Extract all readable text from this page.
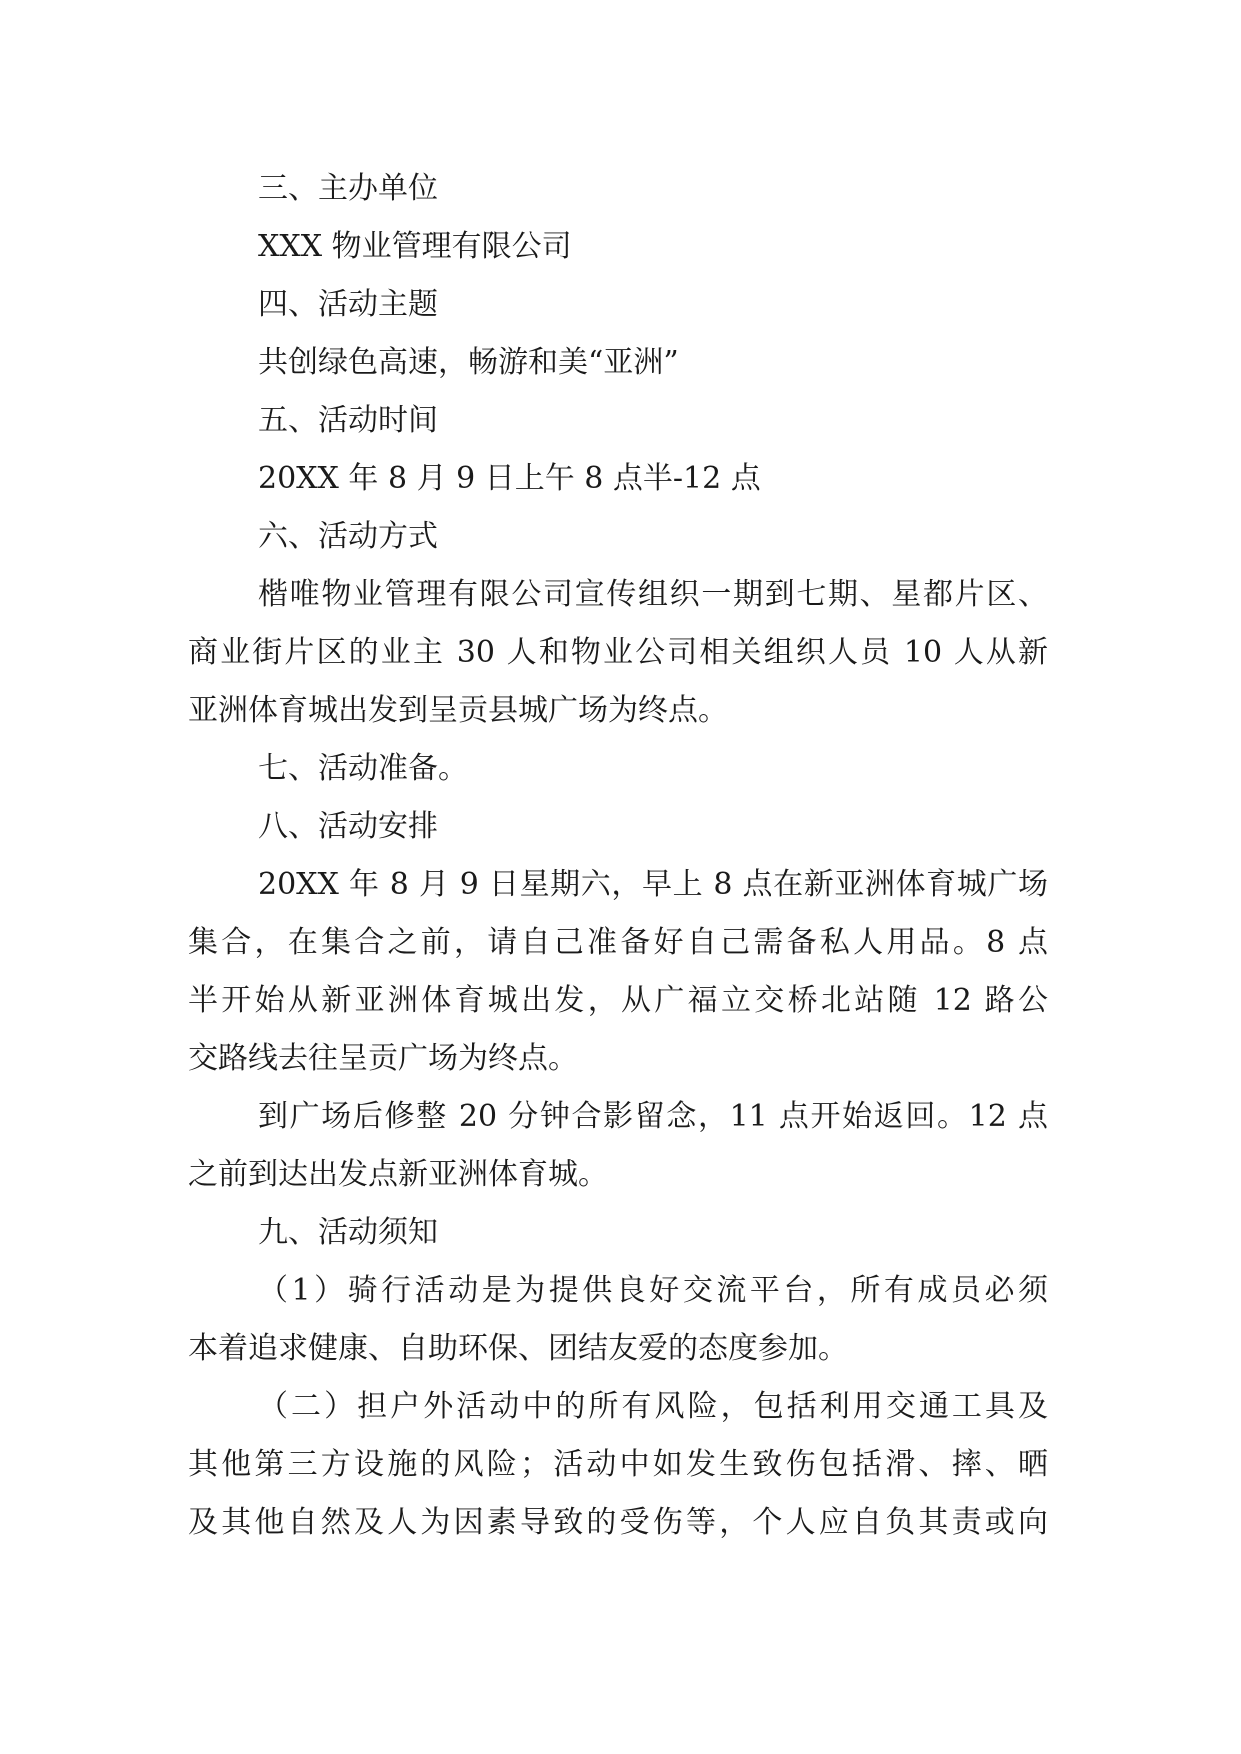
三、主办单位
XXX 物业管理有限公司
四、活动主题
共创绿色高速，畅游和美“亚洲”
五、活动时间
20XX 年 8 月 9 日上午 8 点半-12 点
六、活动方式
楷唯物业管理有限公司宣传组织一期到七期、星都片区、
商业街片区的业主 30 人和物业公司相关组织人员 10 人从新
亚洲体育城出发到呈贡县城广场为终点。
七、活动准备。
八、活动安排
20XX 年 8 月 9 日星期六，早上 8 点在新亚洲体育城广场
集合，在集合之前，请自己准备好自己需备私人用品。8 点
半开始从新亚洲体育城出发，从广福立交桥北站随 12 路公
交路线去往呈贡广场为终点。
到广场后修整 20 分钟合影留念，11 点开始返回。12 点
之前到达出发点新亚洲体育城。
九、活动须知
（1）骑行活动是为提供良好交流平台，所有成员必须
本着追求健康、自助环保、团结友爱的态度参加。
（二）担户外活动中的所有风险，包括利用交通工具及
其他第三方设施的风险；活动中如发生致伤包括滑、摔、晒
及其他自然及人为因素导致的受伤等，个人应自负其责或向
